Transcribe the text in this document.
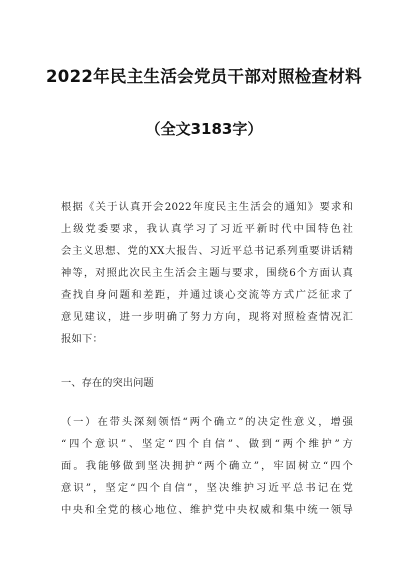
2022年民主生活会党员干部对照检查材料
（全文3183字）
根据《关于认真开会2022年度民主生活会的通知》要求和
上级党委要求，我认真学习了习近平新时代中国特色社
会主义思想、党的XX大报告、习近平总书记系列重要讲话精
神等，对照此次民主生活会主题与要求，围绕6个方面认真
查找自身问题和差距，并通过谈心交流等方式广泛征求了
意见建议，进一步明确了努力方向，现将对照检查情况汇
报如下：
一、存在的突出问题
（一）在带头深刻领悟“两个确立”的决定性意义，增强
“四个意识”、坚定“四个自信”、做到“两个维护”方
面。我能够做到坚决拥护“两个确立”，牢固树立“四个
意识”，坚定“四个自信”，坚决维护习近平总书记在党
中央和全党的核心地位、维护党中央权威和集中统一领导
